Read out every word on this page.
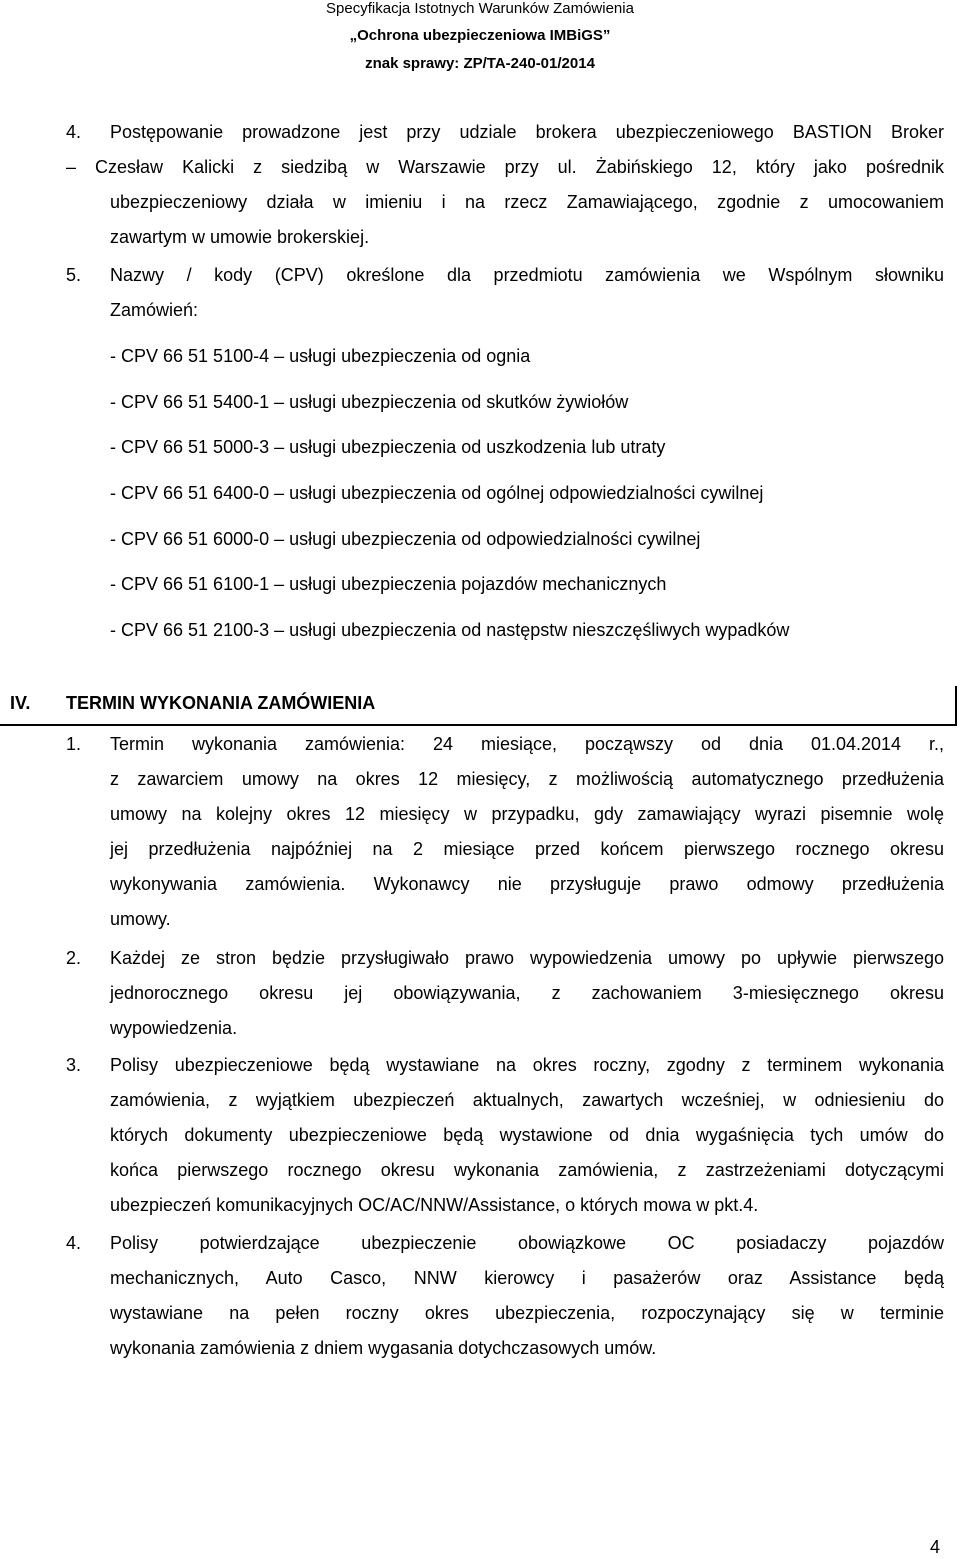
Specyfikacja Istotnych Warunków Zamówienia
„Ochrona ubezpieczeniowa IMBiGS”
znak sprawy: ZP/TA-240-01/2014
4. Postępowanie prowadzone jest przy udziale brokera ubezpieczeniowego BASTION Broker
– Czesław Kalicki z siedzibą w Warszawie przy ul. Żabińskiego 12, który jako pośrednik
ubezpieczeniowy działa w imieniu i na rzecz Zamawiającego, zgodnie z umocowaniem
zawartym w umowie brokerskiej.
5. Nazwy / kody (CPV) określone dla przedmiotu zamówienia we Wspólnym słowniku
Zamówień:
- CPV 66 51 5100-4 – usługi ubezpieczenia od ognia
- CPV 66 51 5400-1 – usługi ubezpieczenia od skutków żywiołów
- CPV 66 51 5000-3 – usługi ubezpieczenia od uszkodzenia lub utraty
- CPV 66 51 6400-0 – usługi ubezpieczenia od ogólnej odpowiedzialności cywilnej
- CPV 66 51 6000-0 – usługi ubezpieczenia od odpowiedzialności cywilnej
- CPV 66 51 6100-1 – usługi ubezpieczenia pojazdów mechanicznych
- CPV 66 51 2100-3 – usługi ubezpieczenia od następstw nieszczęśliwych wypadków
IV. TERMIN WYKONANIA ZAMÓWIENIA
1. Termin wykonania zamówienia: 24 miesiące, począwszy od dnia 01.04.2014 r.,
z zawarciem umowy na okres 12 miesięcy, z możliwością automatycznego przedłużenia
umowy na kolejny okres 12 miesięcy w przypadku, gdy zamawiający wyrazi pisemnie wolę
jej przedłużenia najpóźniej na 2 miesiące przed końcem pierwszego rocznego okresu
wykonywania zamówienia. Wykonawcy nie przysługuje prawo odmowy przedłużenia
umowy.
2. Każdej ze stron będzie przysługiwało prawo wypowiedzenia umowy po upływie pierwszego
jednorocznego okresu jej obowiązywania, z zachowaniem 3-miesięcznego okresu
wypowiedzenia.
3. Polisy ubezpieczeniowe będą wystawiane na okres roczny, zgodny z terminem wykonania
zamówienia, z wyjątkiem ubezpieczeń aktualnych, zawartych wcześniej, w odniesieniu do
których dokumenty ubezpieczeniowe będą wystawione od dnia wygaśnięcia tych umów do
końca pierwszego rocznego okresu wykonania zamówienia, z zastrzeżeniami dotyczącymi
ubezpieczeń komunikacyjnych OC/AC/NNW/Assistance, o których mowa w pkt.4.
4. Polisy potwierdzające ubezpieczenie obowiązkowe OC posiadaczy pojazdów
mechanicznych, Auto Casco, NNW kierowcy i pasażerów oraz Assistance będą
wystawiane na pełen roczny okres ubezpieczenia, rozpoczynający się w terminie
wykonania zamówienia z dniem wygasania dotychczasowych umów.
4
